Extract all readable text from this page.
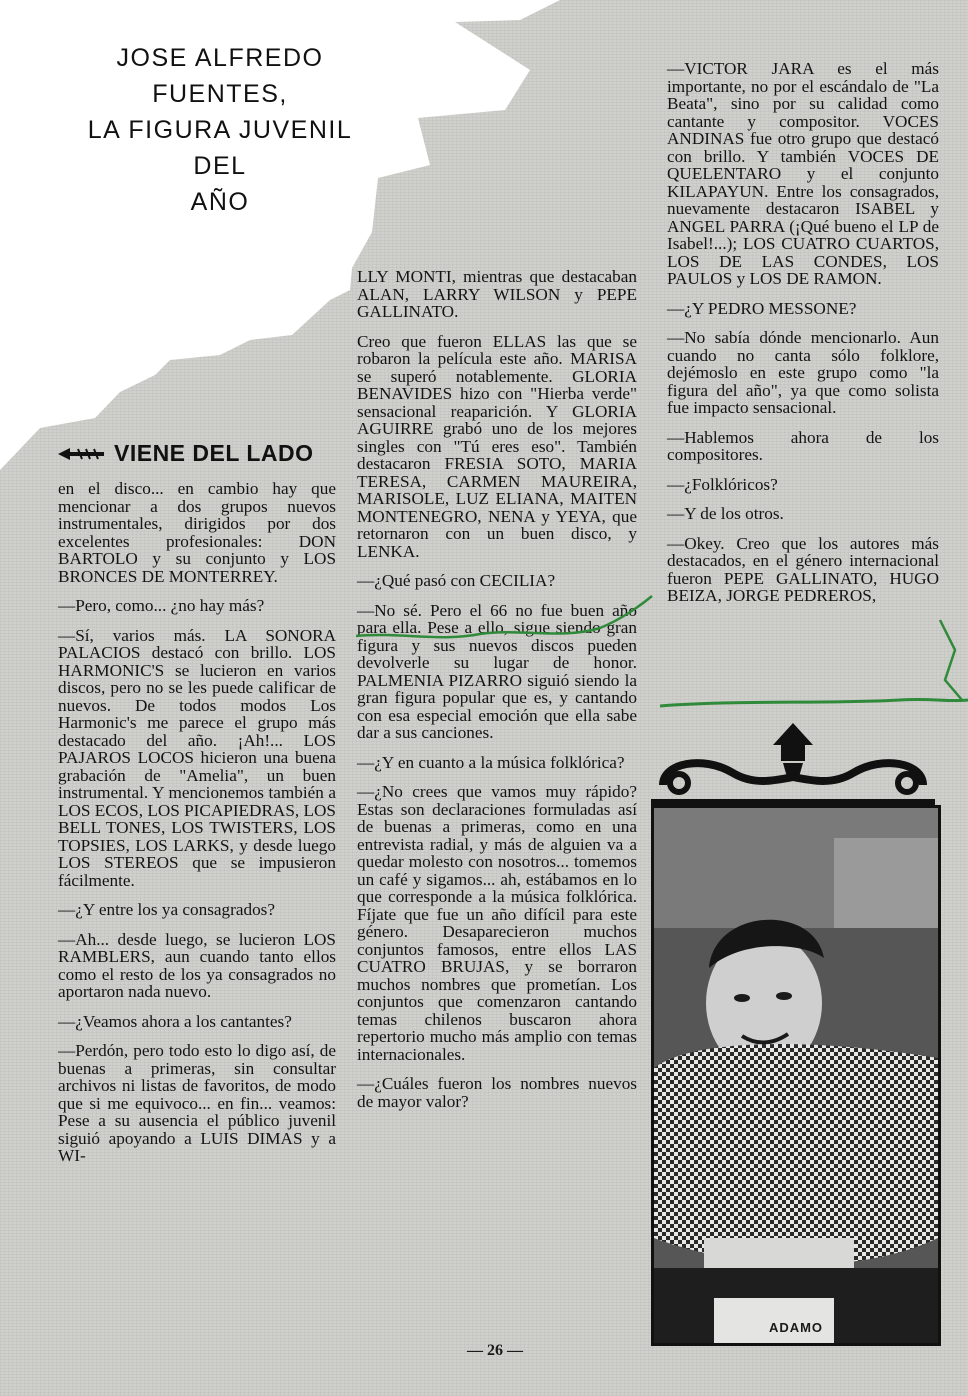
JOSE ALFREDO FUENTES,
LA FIGURA JUVENIL DEL
AÑO
VIENE DEL LADO

en el disco... en cambio hay que mencionar a dos grupos nuevos instrumentales, dirigidos por dos excelentes profesionales: DON BARTOLO y su conjunto y LOS BRONCES DE MONTERREY.

—Pero, como... ¿no hay más?

—Sí, varios más. LA SONORA PALACIOS destacó con brillo. LOS HARMONIC'S se lucieron en varios discos, pero no se les puede calificar de nuevos. De todos modos Los Harmonic's me parece el grupo más destacado del año. ¡Ah!... LOS PAJAROS LOCOS hicieron una buena grabación de "Amelia", un buen instrumental. Y mencionemos también a LOS ECOS, LOS PICAPIEDRAS, LOS BELL TONES, LOS TWISTERS, LOS TOPSIES, LOS LARKS, y desde luego LOS STEREOS que se impusieron fácilmente.

—¿Y entre los ya consagrados?

—Ah... desde luego, se lucieron LOS RAMBLERS, aun cuando tanto ellos como el resto de los ya consagrados no aportaron nada nuevo.

—¿Veamos ahora a los cantantes?

—Perdón, pero todo esto lo digo así, de buenas a primeras, sin consultar archivos ni listas de favoritos, de modo que si me equivoco... en fin... veamos: Pese a su ausencia el público juvenil siguió apoyando a LUIS DIMAS y a WI-

LLY MONTI, mientras que destacaban ALAN, LARRY WILSON y PEPE GALLINATO.

Creo que fueron ELLAS las que se robaron la película este año. MARISA se superó notablemente. GLORIA BENAVIDES hizo con "Hierba verde" sensacional reaparición. Y GLORIA AGUIRRE grabó uno de los mejores singles con "Tú eres eso". También destacaron FRESIA SOTO, MARIA TERESA, CARMEN MAUREIRA, MARISOLE, LUZ ELIANA, MAITEN MONTENEGRO, NENA y YEYA, que retornaron con un buen disco, y LENKA.

—¿Qué pasó con CECILIA?

—No sé. Pero el 66 no fue buen año para ella. Pese a ello, sigue siendo gran figura y sus nuevos discos pueden devolverle su lugar de honor. PALMENIA PIZARRO siguió siendo la gran figura popular que es, y cantando con esa especial emoción que ella sabe dar a sus canciones.

—¿Y en cuanto a la música folklórica?

—¿No crees que vamos muy rápido? Estas son declaraciones formuladas así de buenas a primeras, como en una entrevista radial, y más de alguien va a quedar molesto con nosotros... tomemos un café y sigamos... ah, estábamos en lo que corresponde a la música folklórica. Fíjate que fue un año difícil para este género. Desaparecieron muchos conjuntos famosos, entre ellos LAS CUATRO BRUJAS, y se borraron muchos nombres que prometían. Los conjuntos que comenzaron cantando temas chilenos buscaron ahora repertorio mucho más amplio con temas internacionales.

—¿Cuáles fueron los nombres nuevos de mayor valor?

—VICTOR JARA es el más importante, no por el escándalo de "La Beata", sino por su calidad como cantante y compositor. VOCES ANDINAS fue otro grupo que destacó con brillo. Y también VOCES DE QUELENTARO y el conjunto KILAPAYUN. Entre los consagrados, nuevamente destacaron ISABEL y ANGEL PARRA (¡Qué bueno el LP de Isabel!...); LOS CUATRO CUARTOS, LOS DE LAS CONDES, LOS PAULOS y LOS DE RAMON.

—¿Y PEDRO MESSONE?

—No sabía dónde mencionarlo. Aun cuando no canta sólo folklore, dejémoslo en este grupo como "la figura del año", ya que como solista fue impacto sensacional.

—Hablemos ahora de los compositores.

—¿Folklóricos?

—Y de los otros.

—Okey. Creo que los autores más destacados, en el género internacional fueron PEPE GALLINATO, HUGO BEIZA, JORGE PEDREROS,

ADAMO
— 26 —
